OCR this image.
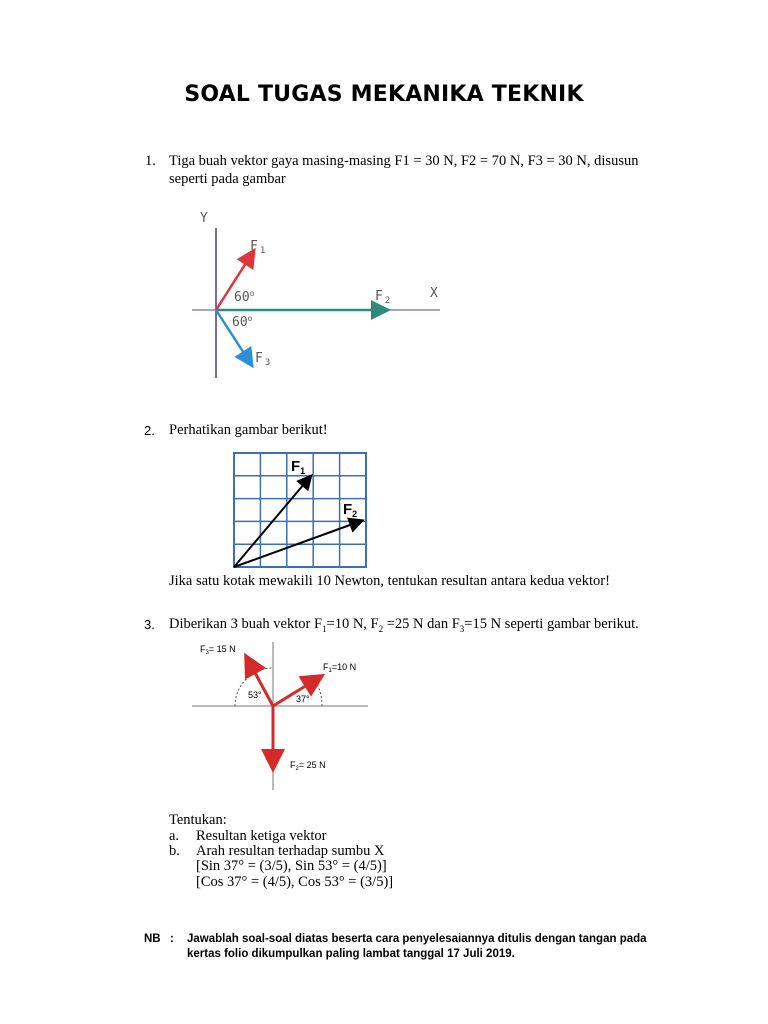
SOAL TUGAS MEKANIKA TEKNIK
1. Tiga buah vektor gaya masing-masing F1 = 30 N, F2 = 70 N, F3 = 30 N, disusun
seperti pada gambar
Y
X
F $_1$
F $_2$
F $_3$
60$^o$
60$^o$
2. Perhatikan gambar berikut!
$F_1$
$F_2$
Jika satu kotak mewakili 10 Newton, tentukan resultan antara kedua vektor!
3. Diberikan 3 buah vektor $F_1=10$ N, $F_2 =25$ N dan $F_3=15$ N seperti gambar berikut.
$F_3= 15$ N
$F_1=10$ N
$F_2= 25$ N
53°	37°
Tentukan:
a. Resultan ketiga vektor
b. Arah resultan terhadap sumbu X
[Sin 37° = (3/5), Sin 53° = (4/5)]
[Cos 37° = (4/5), Cos 53° = (3/5)]
NB : Jawablah soal-soal diatas beserta cara penyelesaiannya ditulis dengan tangan pada
kertas folio dikumpulkan paling lambat tanggal 17 Juli 2019.
